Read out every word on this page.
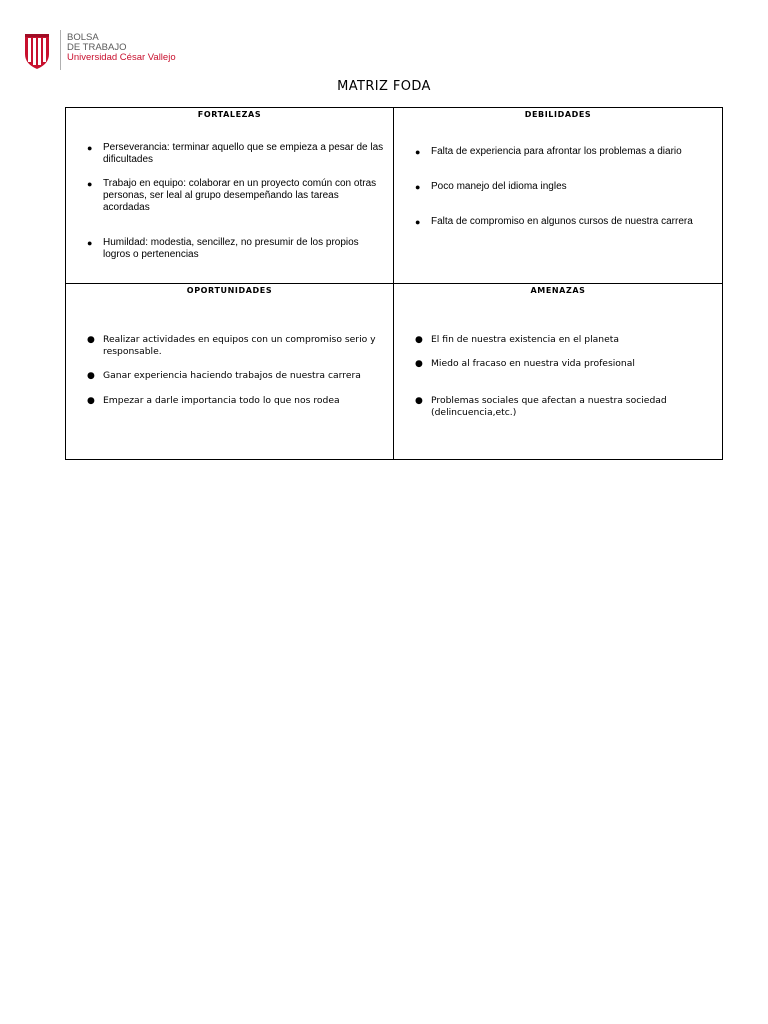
BOLSA
DE TRABAJO
Universidad César Vallejo
MATRIZ FODA
FORTALEZAS
● Perseverancia: terminar aquello que se empieza a pesar de las dificultades
● Trabajo en equipo: colaborar en un proyecto común con otras personas, ser leal al grupo desempeñando las tareas acordadas
● Humildad: modestia, sencillez, no presumir de los propios logros o pertenencias
DEBILIDADES
● Falta de experiencia para afrontar los problemas a diario
● Poco manejo del idioma ingles
● Falta de compromiso en algunos cursos de nuestra carrera
OPORTUNIDADES
● Realizar actividades en equipos con un compromiso serio y responsable.
● Ganar experiencia haciendo trabajos de nuestra carrera
● Empezar a darle importancia todo lo que nos rodea
AMENAZAS
● El fin de nuestra existencia en el planeta
● Miedo al fracaso en nuestra vida profesional
● Problemas sociales que afectan a nuestra sociedad (delincuencia,etc.)
